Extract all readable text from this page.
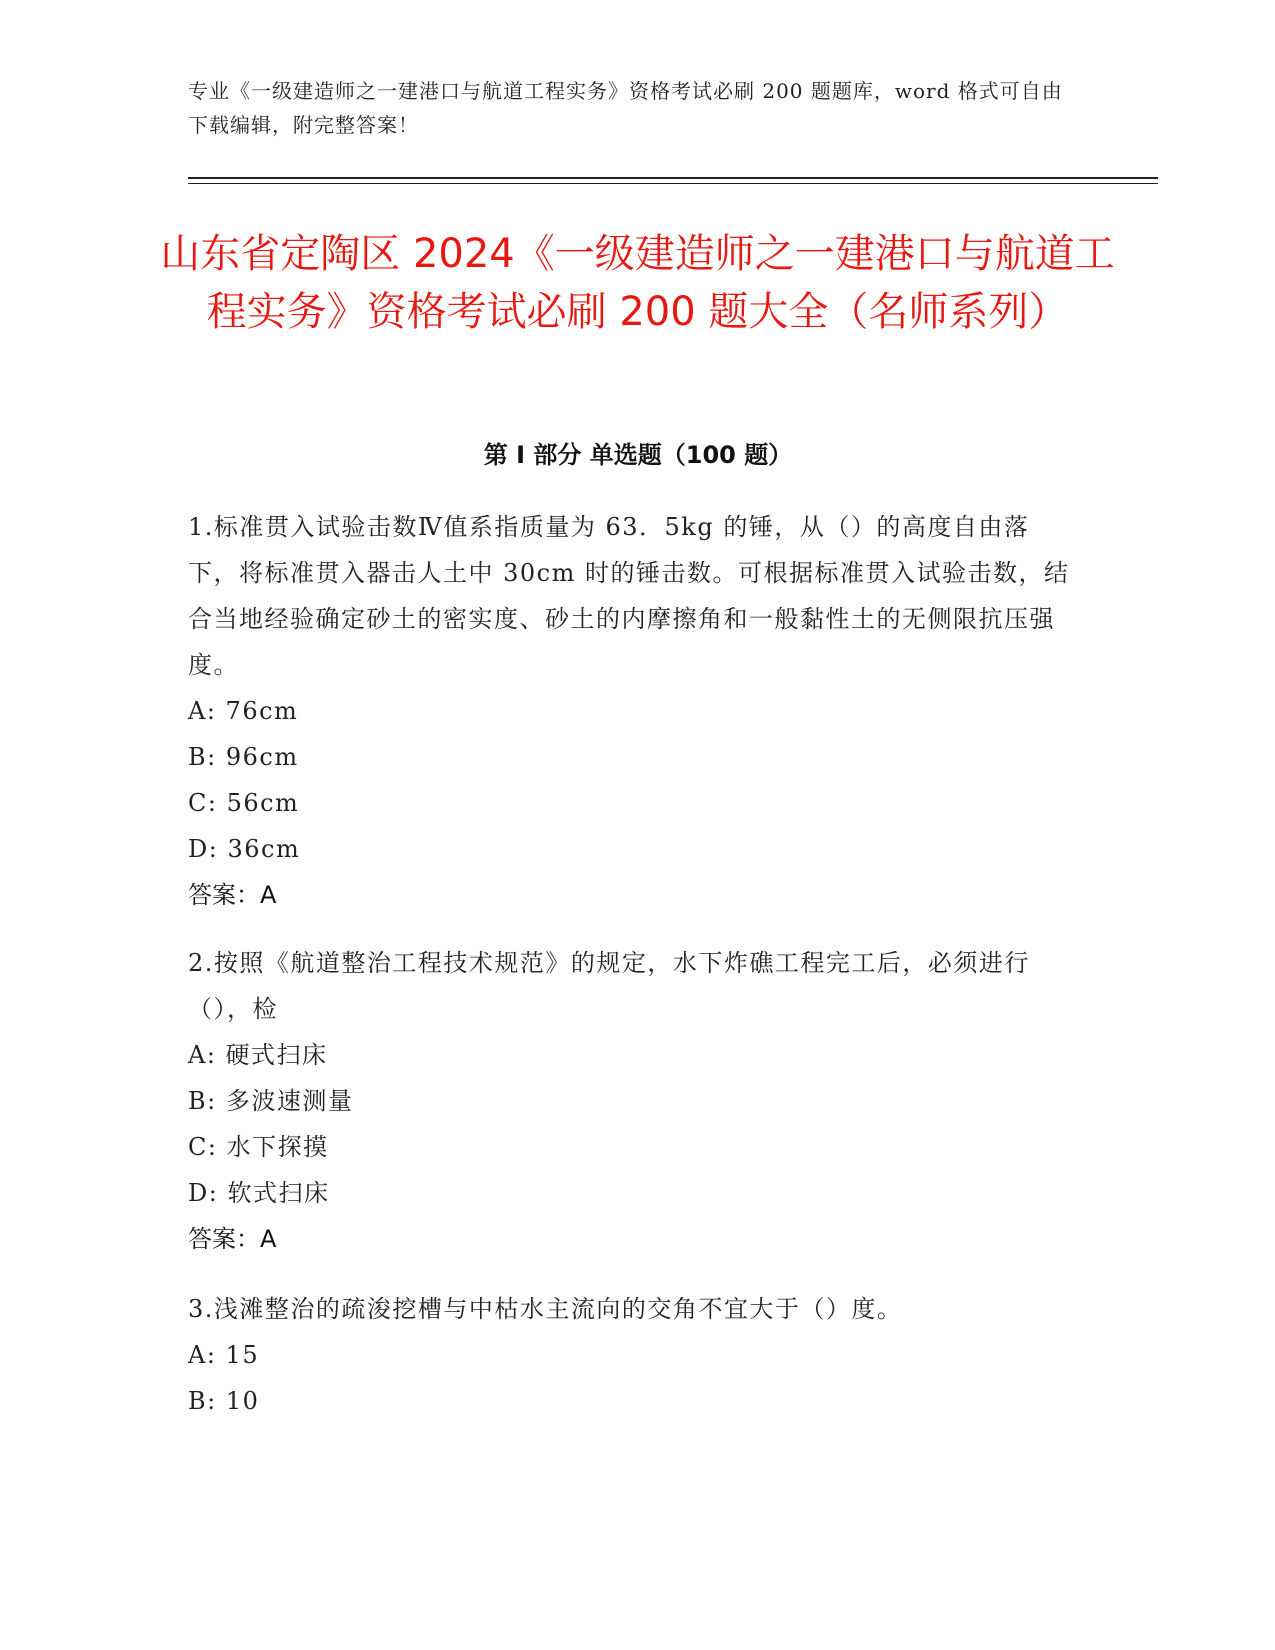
专业《一级建造师之一建港口与航道工程实务》资格考试必刷 200 题题库，word 格式可自由下载编辑，附完整答案！
山东省定陶区 2024《一级建造师之一建港口与航道工程实务》资格考试必刷 200 题大全（名师系列）
第 I 部分 单选题（100 题）

1.标准贯入试验击数Ⅳ值系指质量为 63．5kg 的锤，从（）的高度自由落下，将标准贯入器击人土中 30cm 时的锤击数。可根据标准贯入试验击数，结合当地经验确定砂土的密实度、砂土的内摩擦角和一般黏性土的无侧限抗压强度。

A: 76cm

B: 96cm

C: 56cm

D: 36cm

答案：A

2.按照《航道整治工程技术规范》的规定，水下炸礁工程完工后，必须进行（），检

A: 硬式扫床

B: 多波速测量

C: 水下探摸

D: 软式扫床

答案：A

3.浅滩整治的疏浚挖槽与中枯水主流向的交角不宜大于（）度。

A: 15

B: 10
